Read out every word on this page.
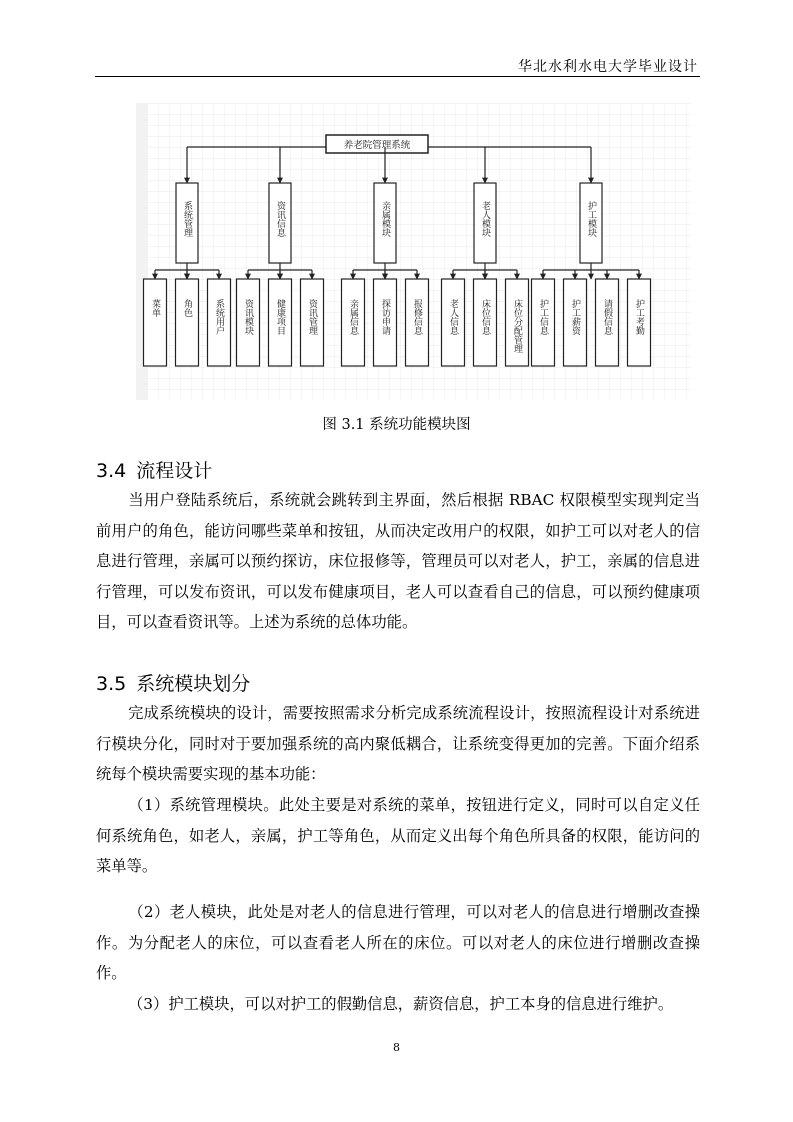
华北水利水电大学毕业设计
养老院管理系统
系统管理
菜单 角色 系统用户
资讯信息
资讯模块 健康项目 资讯管理
亲属模块
亲属信息 探访申请 报修信息
老人模块
老人信息 床位信息 床位分配管理
护工模块
护工信息 护工薪资 请假信息 护工考勤
图 3.1 系统功能模块图
3.4 流程设计

当用户登陆系统后，系统就会跳转到主界面，然后根据 RBAC 权限模型实现判定当前用户的角色，能访问哪些菜单和按钮，从而决定改用户的权限，如护工可以对老人的信息进行管理，亲属可以预约探访，床位报修等，管理员可以对老人，护工，亲属的信息进行管理，可以发布资讯，可以发布健康项目，老人可以查看自己的信息，可以预约健康项目，可以查看资讯等。上述为系统的总体功能。

3.5 系统模块划分

完成系统模块的设计，需要按照需求分析完成系统流程设计，按照流程设计对系统进行模块分化，同时对于要加强系统的高内聚低耦合，让系统变得更加的完善。下面介绍系统每个模块需要实现的基本功能：

（1）系统管理模块。此处主要是对系统的菜单，按钮进行定义，同时可以自定义任何系统角色，如老人，亲属，护工等角色，从而定义出每个角色所具备的权限，能访问的菜单等。

（2）老人模块，此处是对老人的信息进行管理，可以对老人的信息进行增删改查操作。为分配老人的床位，可以查看老人所在的床位。可以对老人的床位进行增删改查操作。

（3）护工模块，可以对护工的假勤信息，薪资信息，护工本身的信息进行维护。

8
